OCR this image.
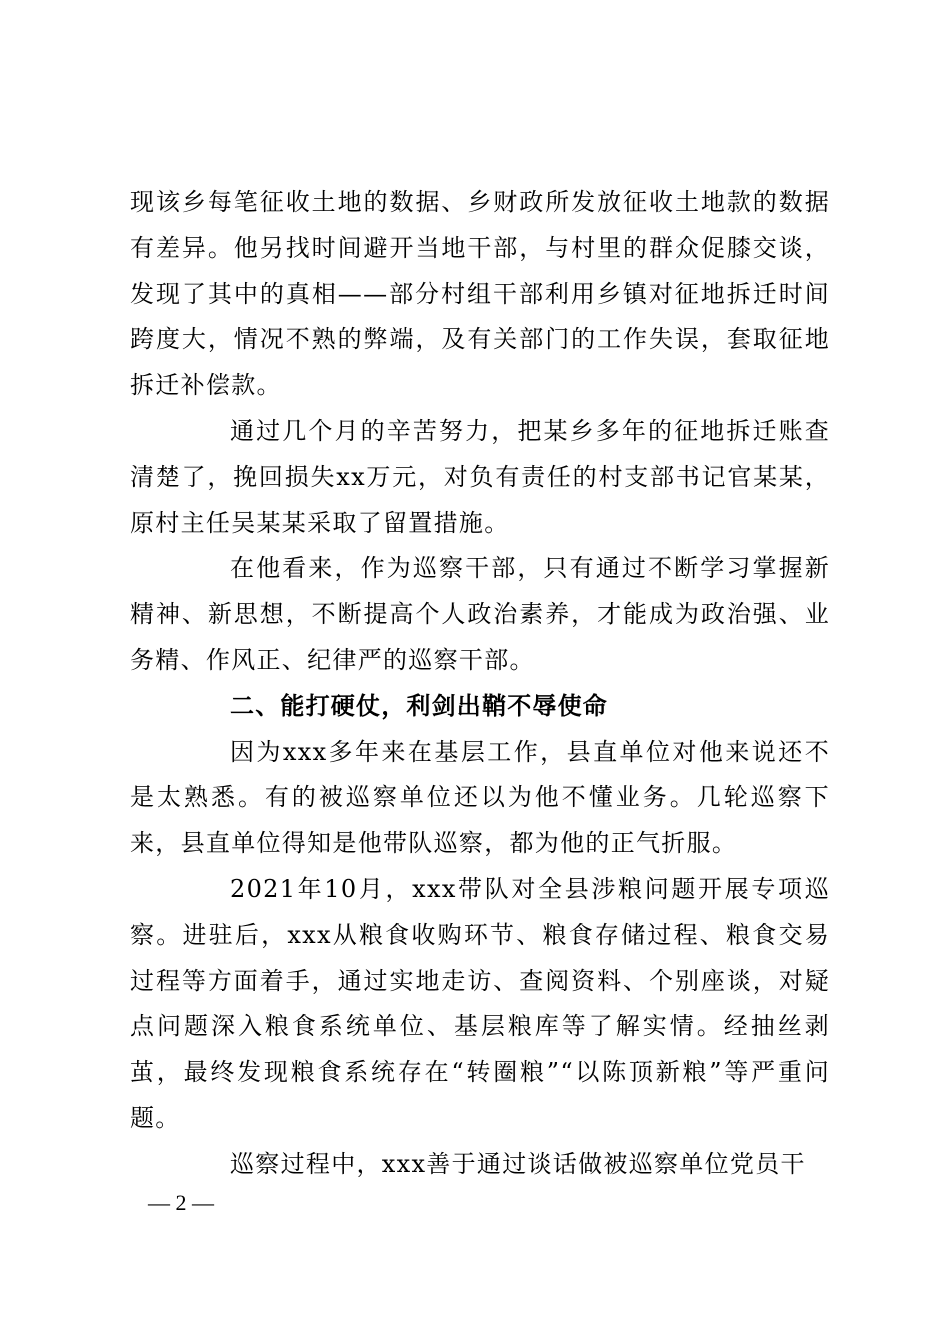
现该乡每笔征收土地的数据、乡财政所发放征收土地款的数据有差异。他另找时间避开当地干部，与村里的群众促膝交谈，发现了其中的真相——部分村组干部利用乡镇对征地拆迁时间跨度大，情况不熟的弊端，及有关部门的工作失误，套取征地拆迁补偿款。

通过几个月的辛苦努力，把某乡多年的征地拆迁账查清楚了，挽回损失xx万元，对负有责任的村支部书记官某某，原村主任吴某某采取了留置措施。

在他看来，作为巡察干部，只有通过不断学习掌握新精神、新思想，不断提高个人政治素养，才能成为政治强、业务精、作风正、纪律严的巡察干部。

二、能打硬仗，利剑出鞘不辱使命

因为xxx多年来在基层工作，县直单位对他来说还不是太熟悉。有的被巡察单位还以为他不懂业务。几轮巡察下来，县直单位得知是他带队巡察，都为他的正气折服。

2021年10月，xxx带队对全县涉粮问题开展专项巡察。进驻后，xxx从粮食收购环节、粮食存储过程、粮食交易过程等方面着手，通过实地走访、查阅资料、个别座谈，对疑点问题深入粮食系统单位、基层粮库等了解实情。经抽丝剥茧，最终发现粮食系统存在“转圈粮”“以陈顶新粮”等严重问题。

巡察过程中，xxx善于通过谈话做被巡察单位党员干

— 2 —
